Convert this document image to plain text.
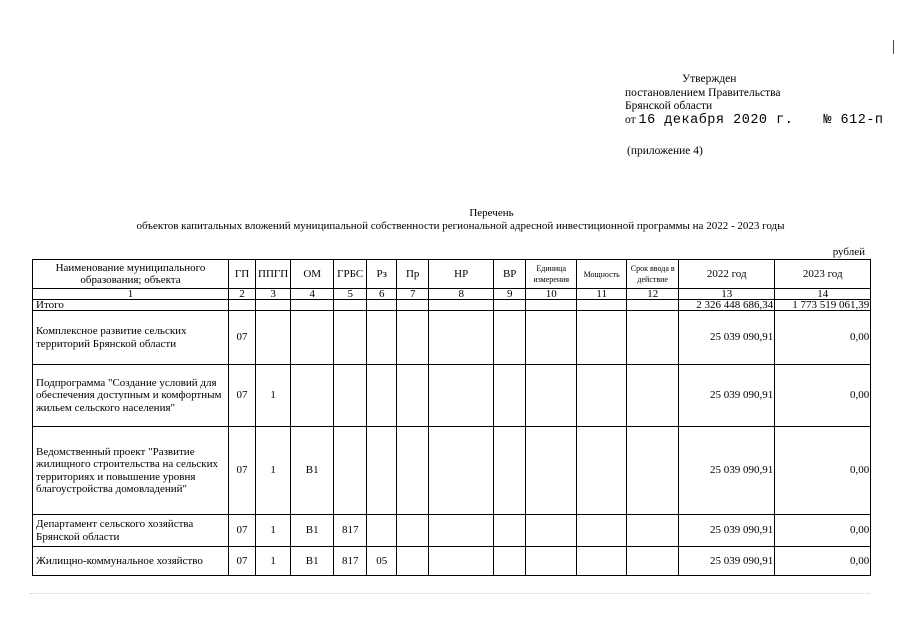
Утвержден
постановлением Правительства
Брянской области
от
16 декабря 2020 г. № 612-п
(приложение 4)
Перечень
объектов капитальных вложений муниципальной собственности региональной адресной инвестиционной программы на 2022 - 2023 годы
рублей
Наименование муниципального образования; объекта	ГП	ППГП	ОМ	ГРБС	Рз	Пр	НР	ВР	Единица измерения	Мощность	Срок ввода в действие	2022 год	2023 год
1	2	3	4	5	6	7	8	9	10	11	12	13	14
Итого												2 326 448 686,34	1 773 519 061,39
Комплексное развитие сельских территорий Брянской области	07											25 039 090,91	0,00
Подпрограмма "Создание условий для обеспечения доступным и комфортным жильем сельского населения"	07	1										25 039 090,91	0,00
Ведомственный проект "Развитие жилищного строительства на сельских территориях и повышение уровня благоустройства домовладений"	07	1	В1									25 039 090,91	0,00
Департамент сельского хозяйства Брянской области	07	1	В1	817								25 039 090,91	0,00
Жилищно-коммунальное хозяйство	07	1	В1	817	05							25 039 090,91	0,00
